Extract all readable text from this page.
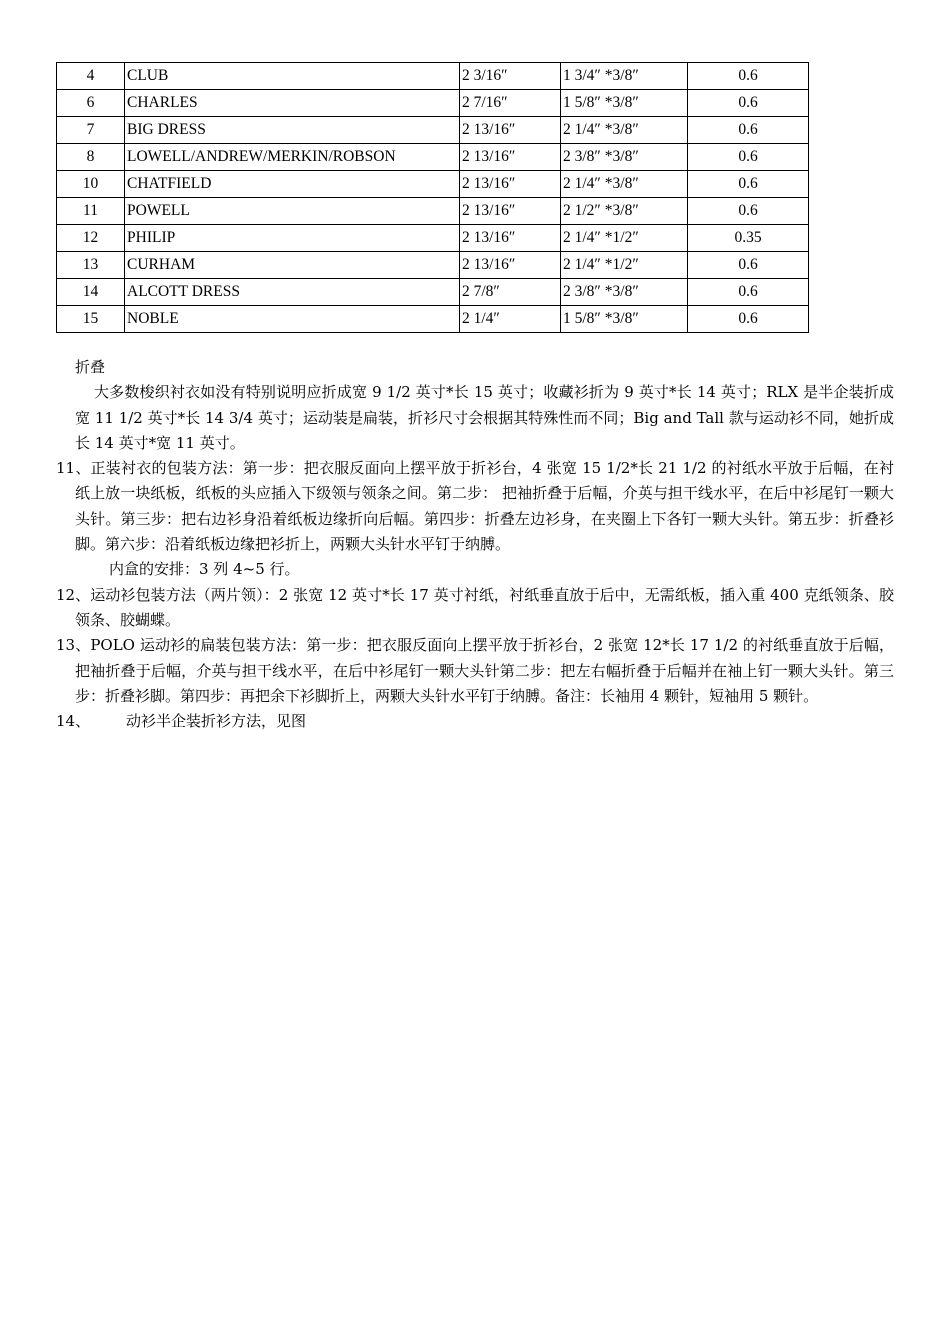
4	CLUB	2 3/16″	1 3/4″ *3/8″	0.6
6	CHARLES	2 7/16″	1 5/8″ *3/8″	0.6
7	BIG DRESS	2 13/16″	2 1/4″ *3/8″	0.6
8	LOWELL/ANDREW/MERKIN/ROBSON	2 13/16″	2 3/8″ *3/8″	0.6
10	CHATFIELD	2 13/16″	2 1/4″ *3/8″	0.6
11	POWELL	2 13/16″	2 1/2″ *3/8″	0.6
12	PHILIP	2 13/16″	2 1/4″ *1/2″	0.35
13	CURHAM	2 13/16″	2 1/4″ *1/2″	0.6
14	ALCOTT DRESS	2 7/8″	2 3/8″ *3/8″	0.6
15	NOBLE	2 1/4″	1 5/8″ *3/8″	0.6

折叠

大多数梭织衬衣如没有特别说明应折成宽 9 1/2 英寸*长 15 英寸；收藏衫折为 9 英寸*长 14 英寸；RLX 是半企装折成宽 11 1/2 英寸*长 14 3/4 英寸；运动装是扁装，折衫尺寸会根据其特殊性而不同；Big and Tall 款与运动衫不同，她折成长 14 英寸*宽 11 英寸。

11、正装衬衣的包装方法：第一步：把衣服反面向上摆平放于折衫台，4 张宽 15 1/2*长 21 1/2 的衬纸水平放于后幅，在衬纸上放一块纸板，纸板的头应插入下级领与领条之间。第二步： 把袖折叠于后幅，介英与担干线水平，在后中衫尾钉一颗大头针。第三步：把右边衫身沿着纸板边缘折向后幅。第四步：折叠左边衫身，在夹圈上下各钉一颗大头针。第五步：折叠衫脚。第六步：沿着纸板边缘把衫折上，两颗大头针水平钉于纳膊。

内盒的安排：3 列 4~5 行。

12、运动衫包装方法（两片领）：2 张宽 12 英寸*长 17 英寸衬纸，衬纸垂直放于后中，无需纸板，插入重 400 克纸领条、胶领条、胶蝴蝶。

13、POLO 运动衫的扁装包装方法：第一步：把衣服反面向上摆平放于折衫台，2 张宽 12*长 17 1/2 的衬纸垂直放于后幅，把袖折叠于后幅，介英与担干线水平，在后中衫尾钉一颗大头针第二步：把左右幅折叠于后幅并在袖上钉一颗大头针。第三步：折叠衫脚。第四步：再把余下衫脚折上，两颗大头针水平钉于纳膊。备注：长袖用 4 颗针，短袖用 5 颗针。

14、	动衫半企装折衫方法，见图
